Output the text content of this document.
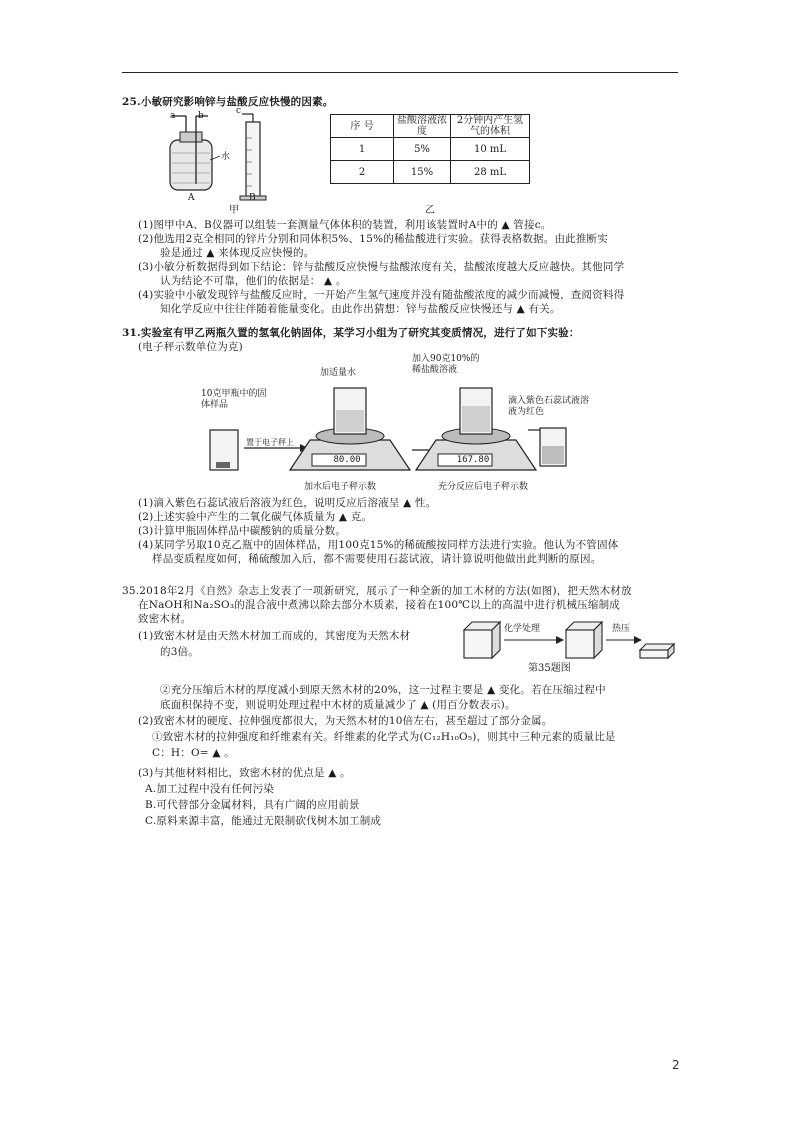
25.小敏研究影响锌与盐酸反应快慢的因素。
a	b	c
水
A	B
甲
序 号	盐酸溶液浓度	2分钟内产生氢气的体积
1	5%	10 mL
2	15%	28 mL
乙
(1)图甲中A、B仪器可以组装一套测量气体体积的装置，利用该装置时A中的 ▲ 管接c。
(2)他选用2克全相同的锌片分别和同体积5%、15%的稀盐酸进行实验。获得表格数据。由此推断实
验是通过 ▲ 来体现反应快慢的。
(3)小敏分析数据得到如下结论：锌与盐酸反应快慢与盐酸浓度有关，盐酸浓度越大反应越快。其他同学
认为结论不可靠，他们的依据是： ▲ 。
(4)实验中小敏发现锌与盐酸反应时，一开始产生氢气速度并没有随盐酸浓度的减少而减慢，查阅资料得
知化学反应中往往伴随着能量变化。由此作出猜想：锌与盐酸反应快慢还与 ▲ 有关。
31.实验室有甲乙两瓶久置的氢氧化钠固体，某学习小组为了研究其变质情况，进行了如下实验：
(电子秤示数单位为克)
80.00	167.80
10克甲瓶中的固体样品
置于电子秤上
加适量水
加入90克10%的稀盐酸溶液
滴入紫色石蕊试液溶液为红色
加水后电子秤示数	充分反应后电子秤示数
(1)滴入紫色石蕊试液后溶液为红色，说明反应后溶液呈 ▲ 性。
(2)上述实验中产生的二氧化碳气体质量为 ▲ 克。
(3)计算甲瓶固体样品中碳酸钠的质量分数。
(4)某同学另取10克乙瓶中的固体样品，用100克15%的稀硫酸按同样方法进行实验。他认为不管固体
样品变质程度如何，稀硫酸加入后，都不需要使用石蕊试液，请计算说明他做出此判断的原因。
35.2018年2月《自然》杂志上发表了一项新研究，展示了一种全新的加工木材的方法(如图)，把天然木材放
在NaOH和Na₂SO₃的混合液中煮沸以除去部分木质素，接着在100℃以上的高温中进行机械压缩制成
致密木材。
(1)致密木材是由天然木材加工而成的，其密度为天然木材
的3倍。
化学处理	热压
第35题图
②充分压缩后木材的厚度减小到原天然木材的20%，这一过程主要是 ▲ 变化。若在压缩过程中
底面积保持不变，则说明处理过程中木材的质量减少了 ▲ (用百分数表示)。
(2)致密木材的硬度、拉伸强度都很大，为天然木材的10倍左右，甚至超过了部分金属。
①致密木材的拉伸强度和纤维素有关。纤维素的化学式为(C₁₂H₁₀O₅)，则其中三种元素的质量比是
C：H：O= ▲ 。
(3)与其他材料相比，致密木材的优点是 ▲ 。
A.加工过程中没有任何污染
B.可代替部分金属材料，具有广阔的应用前景
C.原料来源丰富，能通过无限制砍伐树木加工制成
2
